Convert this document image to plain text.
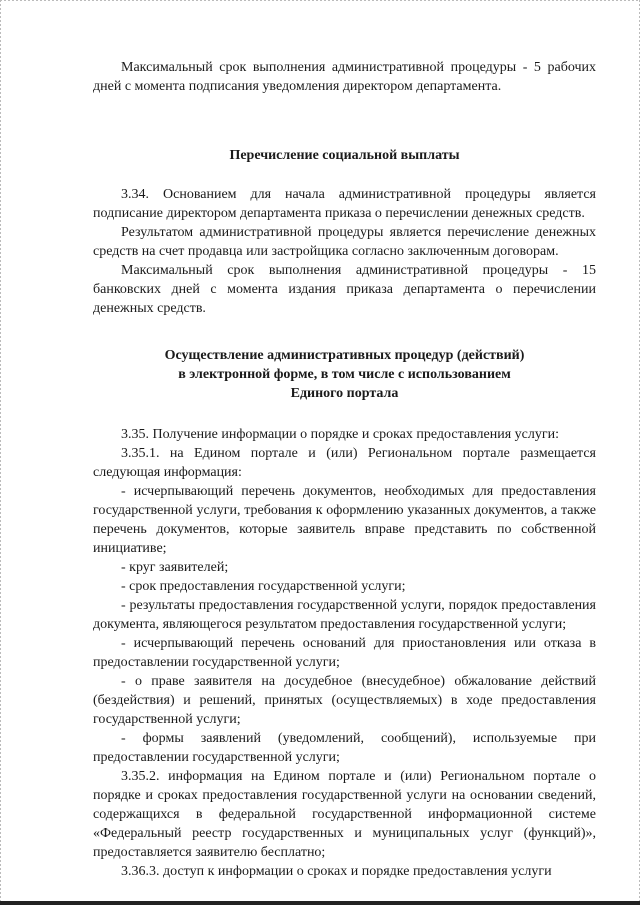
Максимальный срок выполнения административной процедуры - 5 рабочих дней с момента подписания уведомления директором департамента.

Перечисление социальной выплаты

3.34. Основанием для начала административной процедуры является подписание директором департамента приказа о перечислении денежных средств.

Результатом административной процедуры является перечисление денежных средств на счет продавца или застройщика согласно заключенным договорам.

Максимальный срок выполнения административной процедуры - 15 банковских дней с момента издания приказа департамента о перечислении денежных средств.

Осуществление административных процедур (действий)

в электронной форме, в том числе с использованием

Единого портала

3.35. Получение информации о порядке и сроках предоставления услуги:

3.35.1. на Едином портале и (или) Региональном портале размещается следующая информация:

- исчерпывающий перечень документов, необходимых для предоставления государственной услуги, требования к оформлению указанных документов, а также перечень документов, которые заявитель вправе представить по собственной инициативе;

- круг заявителей;

- срок предоставления государственной услуги;

- результаты предоставления государственной услуги, порядок предоставления документа, являющегося результатом предоставления государственной услуги;

- исчерпывающий перечень оснований для приостановления или отказа в предоставлении государственной услуги;

- о праве заявителя на досудебное (внесудебное) обжалование действий (бездействия) и решений, принятых (осуществляемых) в ходе предоставления государственной услуги;

- формы заявлений (уведомлений, сообщений), используемые при предоставлении государственной услуги;

3.35.2. информация на Едином портале и (или) Региональном портале о порядке и сроках предоставления государственной услуги на основании сведений, содержащихся в федеральной государственной информационной системе «Федеральный реестр государственных и муниципальных услуг (функций)», предоставляется заявителю бесплатно;

3.36.3. доступ к информации о сроках и порядке предоставления услуги
